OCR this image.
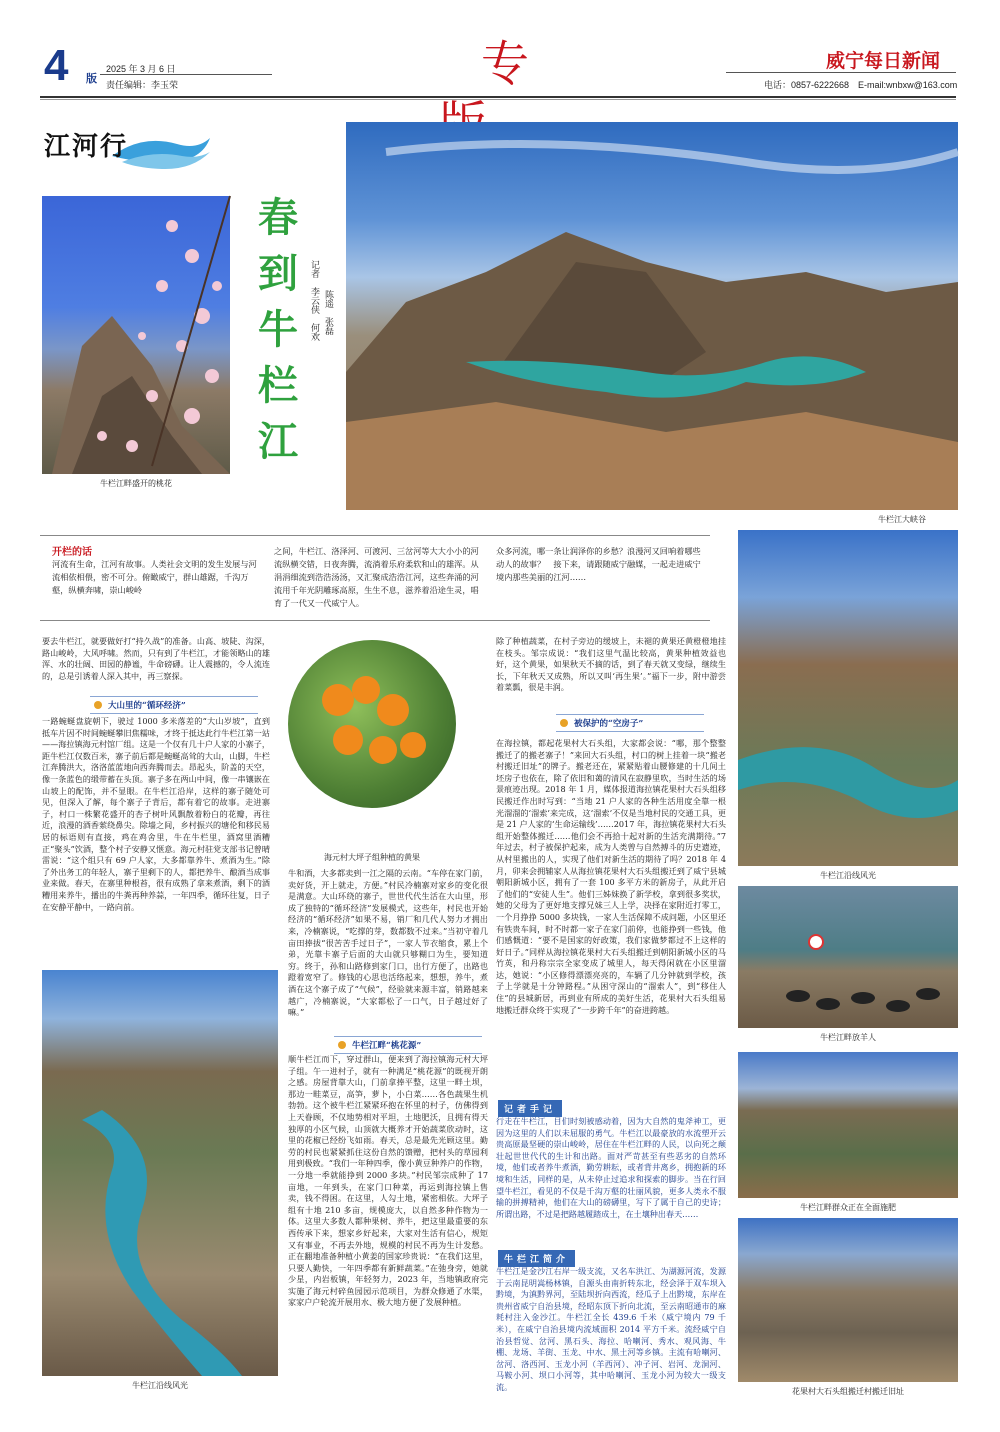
4 版
2025 年 3 月 6 日
责任编辑：李玉荣	专	威宁每日新闻
电话：0857-6222668　E-mail:wnbxw@163.com
江河行
牛栏江畔盛开的桃花
春到牛栏江
记者　李云侠　何欢 陈遥　张磊
牛栏江大峡谷
开栏的话
河流有生命，江河有故事。人类社会文明的发生发展与河流相依相偎，密不可分。俯瞰威宁，群山雄踞，千沟万壑，纵横奔啸，崇山峻岭
之间，牛栏江、洛泽河、可渡河、三岔河等大大小小的河流纵横交错，日夜奔腾，流淌着乐府柔软和山的雄浑。从涓涓细流到浩浩汤汤，又汇聚成浩浩江河，这些奔涌的河流用千年光阴雕琢高原，生生不息，滋养着沿途生灵，唱育了一代又一代威宁人。
众多河流，哪一条让润泽你的乡愁？浪漫河又回响着哪些动人的故事？　接下来，请跟随威宁融媒，一起走进威宁境内那些美丽的江河……
牛栏江沿线风光
牛栏江畔放羊人
牛栏江畔群众正在全面施肥
花果村大石头组搬迁村搬迁旧址
海元村大坪子组种植的黄果
牛栏江沿线风光
要去牛栏江，就要做好打“持久战”的准备。山高、坡陡、沟深，路山峻岭，大风呼啸。然而，只有到了牛栏江，才能领略山的雄浑、水的壮阔、田园的静谧，牛命磅礴。让人震撼的，令人流连的，总是引诱着人深入其中，再三察探。
大山里的“循环经济”
一路蜿蜒盘旋朝下，驶过 1000 多米落差的“大山岁坡”，直到抵车片因不时间蜿蜒攀旧焦糯味，才终于抵达此行牛栏江第一站——海拉镇海元村馆厂组。这是一个仅有几十户人家的小寨子，距牛栏江仅数百米，寨子前后都是蜿蜒高耸的大山，山脚，牛栏江奔腾洪大，洛洛蓝蓝地向西奔腾而去。昂起头，阶盖的天空，像一条蓝色的缎带蓄在头顶。寨子多在两山中间，像一串镶嵌在山坡上的配饰，并不显眼。在牛栏江沿岸，这样的寨子随处可见，但深入了解，每个寨子子背后，都有着它的故事。走进寨子，村口一株繁花盛开的杏子树叶风飘散着粉白的花瓣，再往近，浪漫的酒香萦绕鼻尖。除墙之间，乡村振兴的塘伦和移民易居的标语则有直接，鸡在鸡舍里，牛在牛栏里，酒窝里酒糟正“聚头”饮酒，整个村子安静又惬意。海元村驻党支部书记曾晴雷说：“这个组只有 69 户人家，大多都靠养牛、煮酒为生。”除了外出务工的年轻人，寨子里剩下的人，都把养牛、酿酒当成事业来做。春天，在寨里种根苔，很有成熟了拿来煮酒，剩下的酒糟用来养牛，播出的牛粪再种养蒜，一年四季，循环往复，日子在安静平静中，一路向前。
牛和酒，大多都卖到一江之隔的云南。“车停在家门前，卖好货，开上就走，方便。”村民冷楠寨对家乡的变化很是满意。大山环绕的寨子，世世代代生活在大山里，形成了独特的“循环经济”发展模式，这些年，村民也开始经济的“循环经济”如果不易，销厂和几代人努力才拥出来，冷楠寨说，“吃撑的芽，数都数不过来。”当初守着几亩田捧拔“很苦苦手过日子”，一家人节衣缩食，累上个弟，光靠卡寨子后面的大山就只够糊口为生，要知道穷。终于，孙和山路修到家门口，出行方便了，出路也蹬着宽窄了。修钱的心思也活络起来，想想，养牛，煮酒在这个寨子成了“气候”，经验就来源丰富，销路越来越广，冷楠寨说，“大家都松了一口气，日子越过好了嘛。”
牛栏江畔“桃花源”
顺牛栏江而下，穿过群山，便来到了海拉镇海元村大坪子组。午一进村子，就有一种满足“桃花源”的既视开朗之感。房屋背靠大山，门前拿捧平整，这里一畔土坝，那边一畦菜豆，高笋，萝卜，小白菜……各色蔬果生机勃勃。这个被牛栏江紧紧环抱在怀里的村子，仿佛得到上天眷顾，不仅地势相对平坦，土地肥沃，且拥有得天独厚的小区气候，山顶就大概养才开始蔬菜欣动时，这里的花椒已经纷飞如雨。春天，总是最先光顾这里。勤劳的村民也紧紧抓住这份自然的馈赠，把村头的草园利用到极致。“我们一年种四季，像小黄豆种养户的作物，一分地一季就能挣到 2000 多块。”村民邹宗成种了 17 亩地，一年到头，在家门口种菜，再运到海拉镇上售卖，钱不得困。在这里，人勾土地，紧密相依。大坪子组有十地 210 多亩，规模庞大，以自然多种作物为一体。这里大多数人都种果树、养牛，把这里最重要的东西传承下来，想家乡好起来，大家对生活有信心，规矩又有事业，不再去外地，规模的村民不再为生计发愁。正在翻地准备种植小黄姜的国家珍贵说：“在我们这里，只要人勤快，一年四季都有新鲜蔬菜。”在弛身旁，她就少星，内岩板镇，年轻努力，2023 年，当地镇政府完实施了海元村碎鱼园园示范项目，为群众修通了水渠，家家户户轮流开展用水、极大地方便了发展种植。
除了种植蔬菜，在村子旁边的缓坡上，未褪的黄果还黄橙橙地挂在枝头。邹宗成说：“我们这里气温比较高，黄果种植效益也好，这个黄果，如果秋天不摘的话，到了春天就又变绿，继续生长，下年秋天又成熟，所以又叫‘再生果’。”福下一步，附中游尝着菜瓢，很是丰润。
被保护的“空房子”
在海拉镇，都起花果村大石头组，大家都会说：“哪，那个整整搬迁了的搬老寨子！”来回大石头组，村口的树上挂着一块“搬老村搬迁旧址”的牌子。搬老还在，紧紧贴着山腰修建的十几间土坯房子也依在，除了依旧和蔼的清风在寂静里吹，当时生活的场景痕迹出现。2018 年 1 月，媒体报道海拉镇花果村大石头组移民搬迁作出时写到：“当地 21 户人家的各种生活用度全靠一根光溜溜的‘溜索’来完成，这‘溜索’不仅是当地村民的交通工具，更是 21 户人家的‘生命运输线’……2017 年，海拉镇花果村大石头组开始整体搬迁……他们会不再拾十起对新的生活充满期待。”7 年过去，村子被保护起来，成为人类曾与自然搏斗的历史遗迹，从村里搬出的人，实现了他们对新生活的期待了吗？2018 年 4 月，卯来会拥辅家人从海拉镇花果村大石头组搬迁到了威宁县城朝阳新城小区，拥有了一套 100 多平方米的新房子，从此开启了他们的“安徒人生”。他们三姊妹换了新学校，拿到很多奖状，她的父母为了更好地支撑兄妹三人上学，决择在家附近打零工，一个月挣挣 5000 多块钱，一家人生活保障不成问题，小区里还有铁贵车间，时不时都一家子在家门前停，也能挣到一些钱，他们感慨道：“要不是国家的好政策，我们家做梦都过不上这样的好日子。”同样从海拉镇花果村大石头组搬迁到朝阳新城小区的马竹英，和丹称宗宗全家变成了城里人，每天得闲就在小区里溜达，她说：“小区修得漂漂亮亮的，车辆了几分钟就到学校，孩子上学就是十分钟路程。”从困守深山的“溜索人”，到“移住人住”的县城新居，再到业有所成的美好生活，花果村大石头组易地搬迁群众终于实现了“一步跨千年”的奋进跨越。
记者手记
行走在牛栏江，目们时刻被感动着，因为大自然的鬼斧神工，更因为这里的人们以未屈服的勇气。牛栏江以最豪放的水流塑开云贵高原最坚硬的崇山峻岭，居住在牛栏江畔的人民，以向死之颠壮起世世代代的生计和出路。面对严苛甚至有些恶劣的自然环境，他们或者养牛煮酒，勤劳耕耘，或者背井离乡，拥抱新的环境和生活，同样的是，从未停止过追求和探索的脚步。当在行回望牛栏江，看见的不仅是千沟万壑的壮丽风貌，更多人类永不服输的拼搏精神，他们在大山的磅礴里，写下了属于自己的史诗；所谓出路，不过是把路越履踏成土，在土壤种出春天……
牛栏江简介
牛栏江是金沙江右岸一级支流，又名车洪江、为湖源河流，发源于云南昆明嵩杨林镇，自源头由南折转东北，经会泽于双车坝入黔境，为滇黔界河，至陆坝折向西流，经瓜子上出黔境，东岸在贵州省威宁自治县境，经昭东顶下折向北流，至云南昭通市的麻耗村注入金沙江。牛栏江全长 439.6 千米（威宁境内 79 千米），在威宁自治县境内流域面积 2014 平方千米。流经威宁自治县哲觉、岔河、黑石头、海拉、哈喇河、秀水、观风海、牛棚、龙场、羊街、玉龙、中水、黑土河等乡镇。主流有哈喇河、岔河、洛西河、玉龙小河（羊西河）、冲子河、岩河、龙洞河、马鞍小河、坝口小河等，其中哈喇河、玉龙小河为较大一级支流。
